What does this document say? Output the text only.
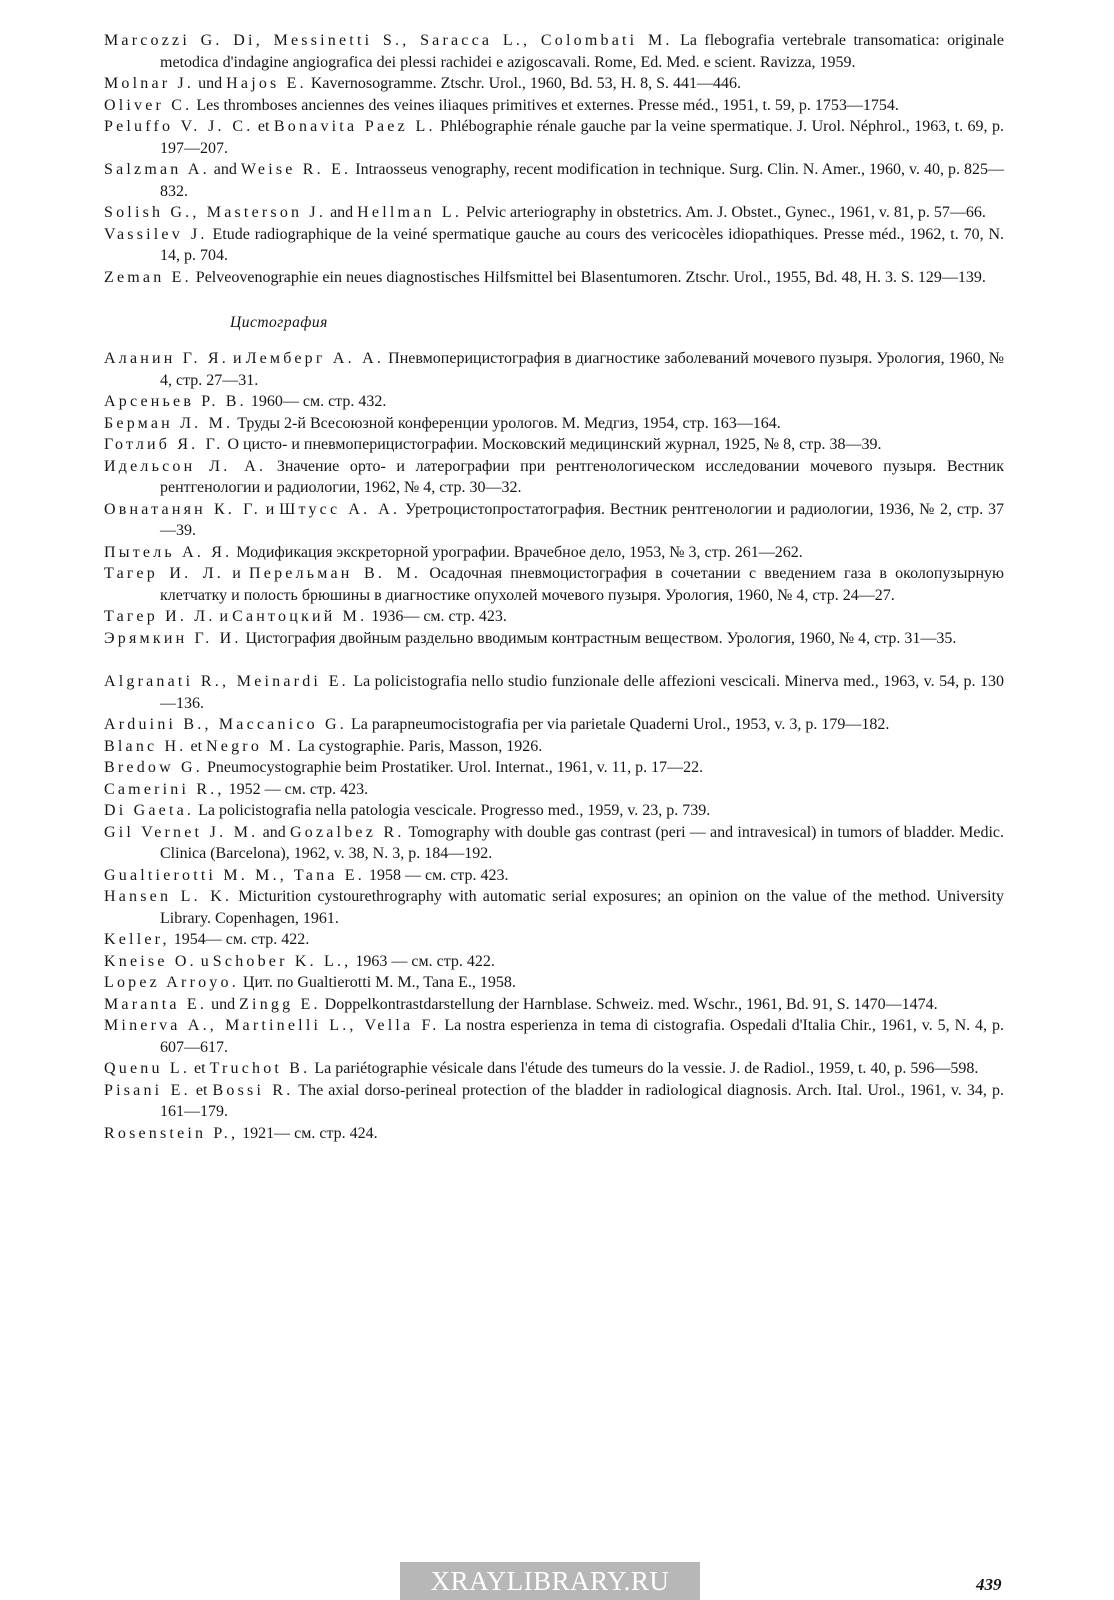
Marcozzi G. Di, Messinetti S., Saracca L., Colombati M. La flebografia vertebrale transomatica: originale metodica d'indagine angiografica dei plessi rachidei e azigoscavali. Rome, Ed. Med. e scient. Ravizza, 1959.

Molnar J. und Hajos E. Kavernosogramme. Ztschr. Urol., 1960, Bd. 53, H. 8, S. 441—446.

Oliver C. Les thromboses anciennes des veines iliaques primitives et externes. Presse méd., 1951, t. 59, p. 1753—1754.

Peluffo V. J. C. et Bonavita Paez L. Phlébographie rénale gauche par la veine spermatique. J. Urol. Néphrol., 1963, t. 69, p. 197—207.

Salzman A. and Weise R. E. Intraosseus venography, recent modification in technique. Surg. Clin. N. Amer., 1960, v. 40, p. 825—832.

Solish G., Masterson J. and Hellman L. Pelvic arteriography in obstetrics. Am. J. Obstet., Gynec., 1961, v. 81, p. 57—66.

Vassilev J. Etude radiographique de la veiné spermatique gauche au cours des vericocèles idiopathiques. Presse méd., 1962, t. 70, N. 14, p. 704.

Zeman E. Pelveovenographie ein neues diagnostisches Hilfsmittel bei Blasentumoren. Ztschr. Urol., 1955, Bd. 48, H. 3. S. 129—139.

Цистография

Аланин Г. Я. и Лемберг А. А. Пневмоперицистография в диагностике заболеваний мочевого пузыря. Урология, 1960, № 4, стр. 27—31.

Арсеньев Р. В. 1960— см. стр. 432.

Берман Л. М. Труды 2-й Всесоюзной конференции урологов. М. Медгиз, 1954, стр. 163—164.

Готлиб Я. Г. О цисто- и пневмоперицистографии. Московский медицинский журнал, 1925, № 8, стр. 38—39.

Идельсон Л. А. Значение орто- и латерографии при рентгенологическом исследовании мочевого пузыря. Вестник рентгенологии и радиологии, 1962, № 4, стр. 30—32.

Овнатанян К. Г. и Штусс А. А. Уретроцистопростатография. Вестник рентгенологии и радиологии, 1936, № 2, стр. 37—39.

Пытель А. Я. Модификация экскреторной урографии. Врачебное дело, 1953, № 3, стр. 261—262.

Тагер И. Л. и Перельман В. М. Осадочная пневмоцистография в сочетании с введением газа в околопузырную клетчатку и полость брюшины в диагностике опухолей мочевого пузыря. Урология, 1960, № 4, стр. 24—27.

Тагер И. Л. и Сантоцкий М. 1936— см. стр. 423.

Эрямкин Г. И. Цистография двойным раздельно вводимым контрастным веществом. Урология, 1960, № 4, стр. 31—35.

Algranati R., Meinardi E. La policistografia nello studio funzionale delle affezioni vescicali. Minerva med., 1963, v. 54, p. 130—136.

Arduini B., Maccanico G. La parapneumocistografia per via parietale Quaderni Urol., 1953, v. 3, p. 179—182.

Blanc H. et Negro M. La cystographie. Paris, Masson, 1926.

Bredow G. Pneumocystographie beim Prostatiker. Urol. Internat., 1961, v. 11, p. 17—22.

Camerini R., 1952 — см. стр. 423.

Di Gaeta. La policistografia nella patologia vescicale. Progresso med., 1959, v. 23, p. 739.

Gil Vernet J. M. and Gozalbez R. Tomography with double gas contrast (peri — and intravesical) in tumors of bladder. Medic. Clinica (Barcelona), 1962, v. 38, N. 3, p. 184—192.

Gualtierotti M. M., Tana E. 1958 — см. стр. 423.

Hansen L. K. Micturition cystourethrography with automatic serial exposures; an opinion on the value of the method. University Library. Copenhagen, 1961.

Keller, 1954— см. стр. 422.

Kneise O. u Schober K. L., 1963 — см. стр. 422.

Lopez Arroyo. Цит. по Gualtierotti M. M., Tana E., 1958.

Maranta E. und Zingg E. Doppelkontrastdarstellung der Harnblase. Schweiz. med. Wschr., 1961, Bd. 91, S. 1470—1474.

Minerva A., Martinelli L., Vella F. La nostra esperienza in tema di cistografia. Ospedali d'Italia Chir., 1961, v. 5, N. 4, p. 607—617.

Quenu L. et Truchot B. La pariétographie vésicale dans l'étude des tumeurs do la vessie. J. de Radiol., 1959, t. 40, p. 596—598.

Pisani E. et Bossi R. The axial dorso-perineal protection of the bladder in radiological diagnosis. Arch. Ital. Urol., 1961, v. 34, p. 161—179.

Rosenstein P., 1921— см. стр. 424.

439
XRAYLIBRARY.RU
